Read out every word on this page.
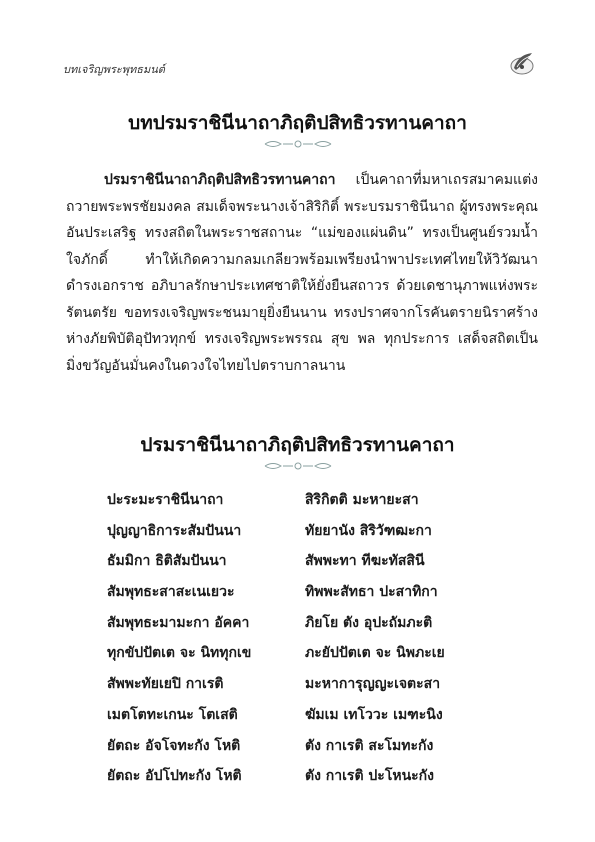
บทเจริญพระพุทธมนต์
บทปรมราชินีนาถาภิฤติปสิทธิวรทานคาถา
ปรมราชินีนาถาภิฤติปสิทธิวรทานคาถา เป็นคาถาที่มหาเถรสมาคมแต่งถวายพระพรชัยมงคล สมเด็จพระนางเจ้าสิริกิติ์ พระบรมราชินีนาถ ผู้ทรงพระคุณอันประเสริฐ ทรงสถิตในพระราชสถานะ “แม่ของแผ่นดิน” ทรงเป็นศูนย์รวมน้ำใจภักดิ์ ทำให้เกิดความกลมเกลียวพร้อมเพรียงนำพาประเทศไทยให้วิวัฒนา ดำรงเอกราช อภิบาลรักษาประเทศชาติให้ยั่งยืนสถาวร ด้วยเดชานุภาพแห่งพระรัตนตรัย ขอทรงเจริญพระชนมายุยิ่งยืนนาน ทรงปราศจากโรคันตรายนิราศร้างห่างภัยพิบัติอุปัทวทุกข์ ทรงเจริญพระพรรณ สุข พล ทุกประการ เสด็จสถิตเป็นมิ่งขวัญอันมั่นคงในดวงใจไทยไปตราบกาลนาน
ปรมราชินีนาถาภิฤติปสิทธิวรทานคาถา
ปะระมะราชินีนาถา	สิริกิตติ มะหายะสา
ปุญญาธิการะสัมปันนา	ทัยยานัง สิริวัฑฒะกา
ธัมมิกา ธิติสัมปันนา	สัพพะทา ทีฆะทัสสินี
สัมพุทธะสาสะเนเยวะ	ทิพพะสัทธา ปะสาทิกา
สัมพุทธะมามะกา อัคคา	ภิยโย ตัง อุปะถัมภะติ
ทุกขัปปัตเต จะ นิททุกเข	ภะยัปปัตเต จะ นิพภะเย
สัพพะทัยเยปิ กาเรติ	มะหาการุญญะเจตะสา
เมตโตทะเกนะ โตเสติ	ฆัมเม เทโววะ เมฑะนิง
ยัตถะ อัจโจทะกัง โหติ	ตัง กาเรติ สะโมทะกัง
ยัตถะ อัปโปทะกัง โหติ	ตัง กาเรติ ปะโหนะกัง
